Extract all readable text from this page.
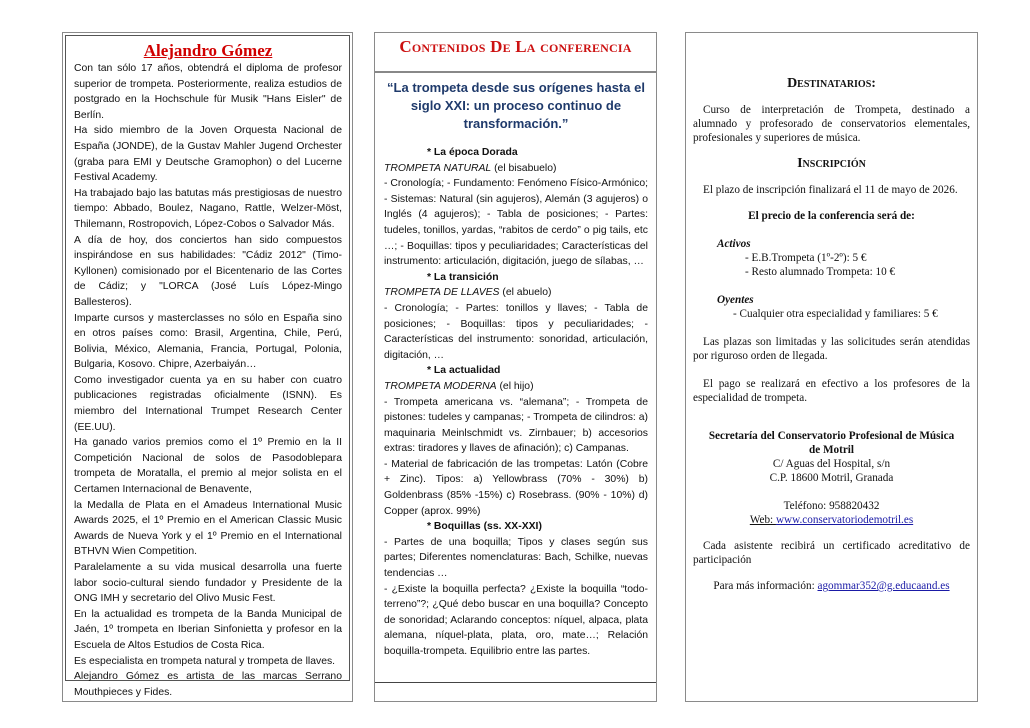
Alejandro Gómez

Con tan sólo 17 años, obtendrá el diploma de profesor superior de trompeta. Posteriormente, realiza estudios de postgrado en la Hochschule für Musik "Hans Eisler" de Berlín.

Ha sido miembro de la Joven Orquesta Nacional de España (JONDE), de la Gustav Mahler Jugend Orchester (graba para EMI y Deutsche Gramophon) o del Lucerne Festival Academy.

Ha trabajado bajo las batutas más prestigiosas de nuestro tiempo: Abbado, Boulez, Nagano, Rattle, Welzer-Möst, Thilemann, Rostropovich, López-Cobos o Salvador Más.

A día de hoy, dos conciertos han sido compuestos inspirándose en sus habilidades: "Cádiz 2012" (Timo-Kyllonen) comisionado por el Bicentenario de las Cortes de Cádiz; y "LORCA (José Luís López-Mingo Ballesteros).

Imparte cursos y masterclasses no sólo en España sino en otros países como: Brasil, Argentina, Chile, Perú, Bolivia, México, Alemania, Francia, Portugal, Polonia, Bulgaria, Kosovo. Chipre, Azerbaiyán…

Como investigador cuenta ya en su haber con cuatro publicaciones registradas oficialmente (ISNN). Es miembro del International Trumpet Research Center (EE.UU).

Ha ganado varios premios como el 1º Premio en la II Competición Nacional de solos de Pasodoblepara trompeta de Moratalla, el premio al mejor solista en el Certamen Internacional de Benavente,

la Medalla de Plata en el Amadeus International Music Awards 2025, el 1º Premio en el American Classic Music Awards de Nueva York y el 1º Premio en el International BTHVN Wien Competition.

Paralelamente a su vida musical desarrolla una fuerte labor socio-cultural siendo fundador y Presidente de la ONG IMH y secretario del Olivo Music Fest.

En la actualidad es trompeta de la Banda Municipal de Jaén, 1º trompeta en Iberian Sinfonietta y profesor en la Escuela de Altos Estudios de Costa Rica.

Es especialista en trompeta natural y trompeta de llaves.

Alejandro Gómez es artista de las marcas Serrano Mouthpieces y Fides.

Contenidos De La conferencia
“La trompeta desde sus orígenes hasta el siglo XXI: un proceso continuo de transformación.”

* La época Dorada

TROMPETA NATURAL (el bisabuelo)

- Cronología; - Fundamento: Fenómeno Físico-Armónico; - Sistemas: Natural (sin agujeros), Alemán (3 agujeros) o Inglés (4 agujeros); - Tabla de posiciones; - Partes: tudeles, tonillos, yardas, “rabitos de cerdo” o pig tails, etc …; - Boquillas: tipos y peculiaridades; Características del instrumento: articulación, digitación, juego de sílabas, …

* La transición

TROMPETA DE LLAVES (el abuelo)

- Cronología; - Partes: tonillos y llaves; - Tabla de posiciones; - Boquillas: tipos y peculiaridades; - Características del instrumento: sonoridad, articulación, digitación, …

* La actualidad

TROMPETA MODERNA (el hijo)

- Trompeta americana vs. “alemana”; - Trompeta de pistones: tudeles y campanas; - Trompeta de cilindros: a) maquinaria Meinlschmidt vs. Zirnbauer; b) accesorios extras: tiradores y llaves de afinación); c) Campanas.

- Material de fabricación de las trompetas: Latón (Cobre + Zinc). Tipos: a) Yellowbrass (70% - 30%) b) Goldenbrass (85% -15%) c) Rosebrass. (90% - 10%) d) Copper (aprox. 99%)

* Boquillas (ss. XX-XXI)

- Partes de una boquilla; Tipos y clases según sus partes; Diferentes nomenclaturas: Bach, Schilke, nuevas tendencias …

- ¿Existe la boquilla perfecta? ¿Existe la boquilla “todo-terreno”?; ¿Qué debo buscar en una boquilla? Concepto de sonoridad; Aclarando conceptos: níquel, alpaca, plata alemana, níquel-plata, plata, oro, mate…; Relación boquilla-trompeta. Equilibrio entre las partes.

Destinatarios:

Curso de interpretación de Trompeta, destinado a alumnado y profesorado de conservatorios elementales, profesionales y superiores de música.

Inscripción

El plazo de inscripción finalizará el 11 de mayo de 2026.

El precio de la conferencia será de:

Activos

- E.B.Trompeta (1º-2º): 5 €

- Resto alumnado Trompeta: 10 €

Oyentes

- Cualquier otra especialidad y familiares: 5 €

Las plazas son limitadas y las solicitudes serán atendidas por riguroso orden de llegada.

El pago se realizará en efectivo a los profesores de la especialidad de trompeta.

Secretaría del Conservatorio Profesional de Música de Motril

C/ Aguas del Hospital, s/n

C.P. 18600 Motril, Granada

Teléfono: 958820432

Web: www.conservatoriodemotril.es

Cada asistente recibirá un certificado acreditativo de participación

Para más información: agommar352@g.educaand.es
